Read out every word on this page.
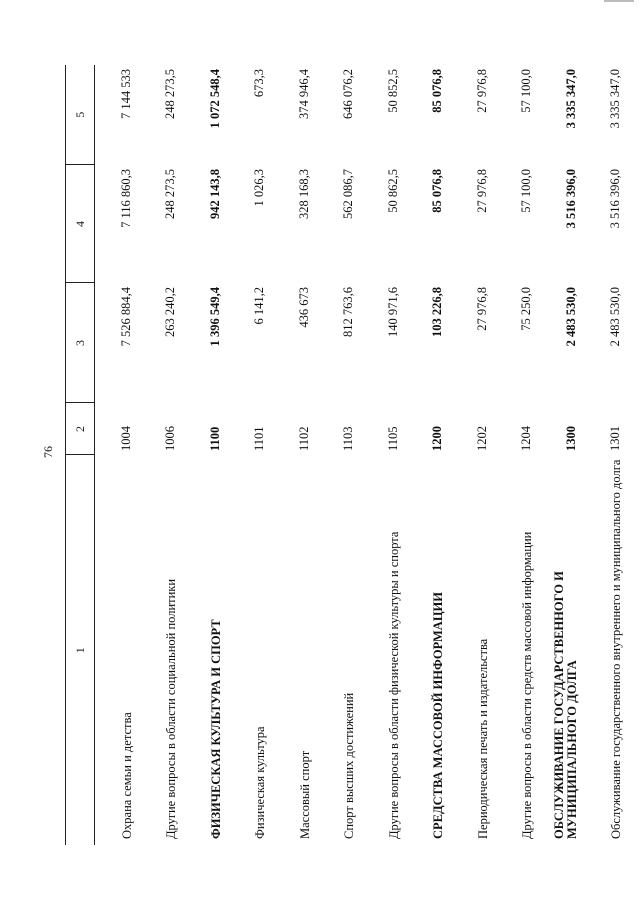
76
1	2	3	4	5
Охрана семьи и детства	1004	7 526 884,4	7 116 860,3	7 144 533
Другие вопросы в области социальной политики	1006	263 240,2	248 273,5	248 273,5
ФИЗИЧЕСКАЯ КУЛЬТУРА И СПОРТ	1100	1 396 549,4	942 143,8	1 072 548,4
Физическая культура	1101	6 141,2	1 026,3	673,3
Массовый спорт	1102	436 673	328 168,3	374 946,4
Спорт высших достижений	1103	812 763,6	562 086,7	646 076,2
Другие вопросы в области физической культуры и спорта	1105	140 971,6	50 862,5	50 852,5
СРЕДСТВА МАССОВОЙ ИНФОРМАЦИИ	1200	103 226,8	85 076,8	85 076,8
Периодическая печать и издательства	1202	27 976,8	27 976,8	27 976,8
Другие вопросы в области средств массовой информации	1204	75 250,0	57 100,0	57 100,0
ОБСЛУЖИВАНИЕ ГОСУДАРСТВЕННОГО И МУНИЦИПАЛЬНОГО ДОЛГА	1300	2 483 530,0	3 516 396,0	3 335 347,0
Обслуживание государственного внутреннего и муниципального долга	1301	2 483 530,0	3 516 396,0	3 335 347,0
